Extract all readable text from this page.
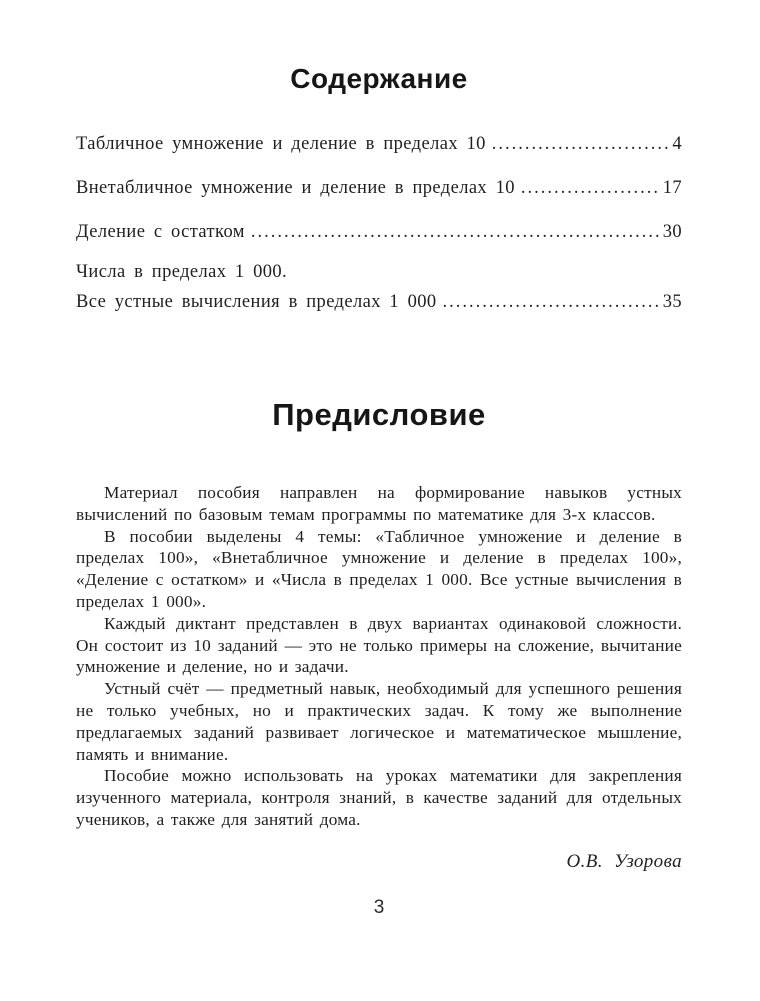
Содержание
Табличное умножение и деление в пределах 10 .....	4
Внетабличное умножение и деление в пределах 10 .....	17
Деление с остатком .....	30
Числа в пределах 1 000.
Все устные вычисления в пределах 1 000 .....	35
Предисловие

Материал пособия направлен на формирование навыков устных вычислений по базовым темам программы по математике для 3-х классов.

В пособии выделены 4 темы: «Табличное умножение и деление в пределах 100», «Внетабличное умножение и деление в пределах 100», «Деление с остатком» и «Числа в пределах 1 000. Все устные вычисления в пределах 1 000».

Каждый диктант представлен в двух вариантах одинаковой сложности. Он состоит из 10 заданий — это не только примеры на сложение, вычитание умножение и деление, но и задачи.

Устный счёт — предметный навык, необходимый для успешного решения не только учебных, но и практических задач. К тому же выполнение предлагаемых заданий развивает логическое и математическое мышление, память и внимание.

Пособие можно использовать на уроках математики для закрепления изученного материала, контроля знаний, в качестве заданий для отдельных учеников, а также для занятий дома.

О.В. Узорова
3
